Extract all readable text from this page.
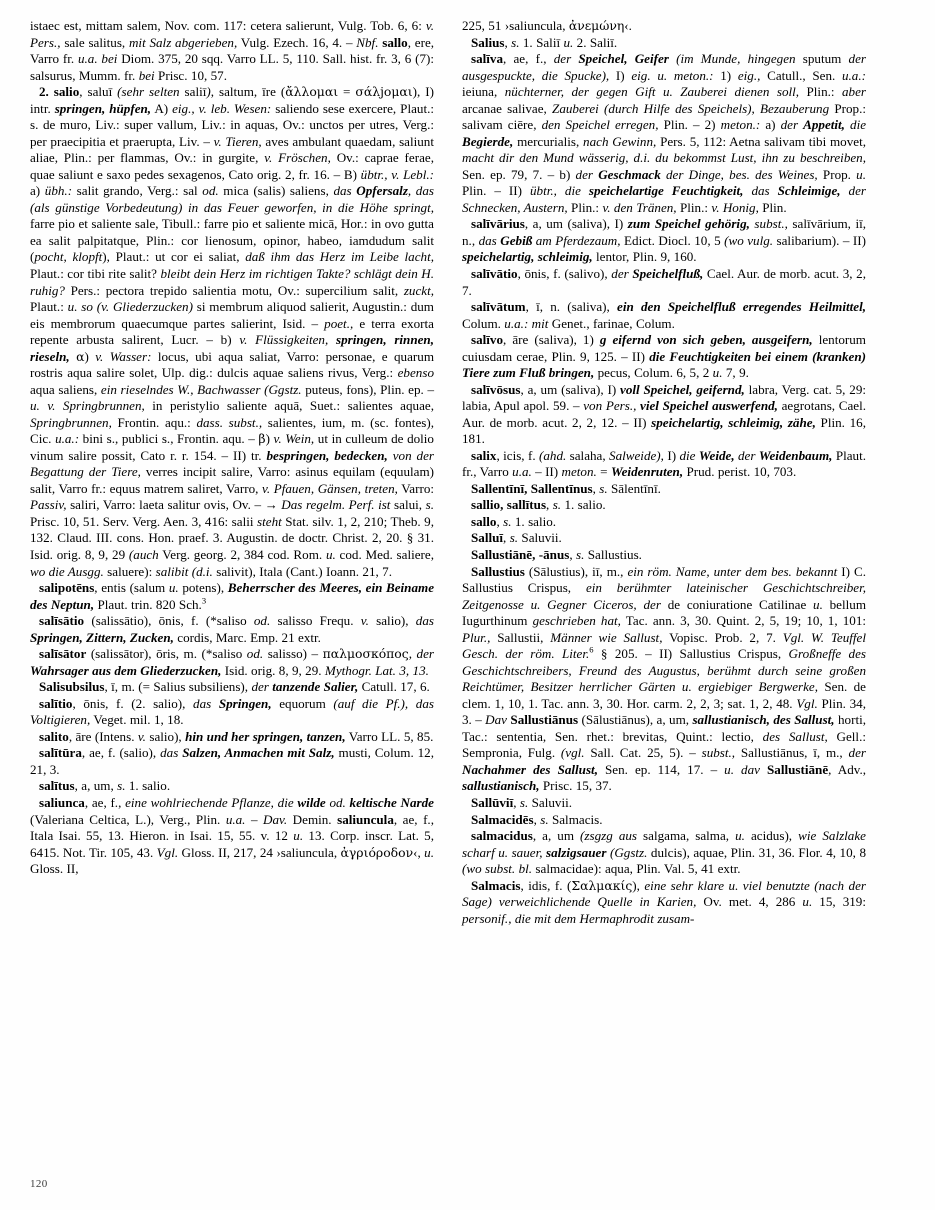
istaec est, mittam salem, Nov. com. 117: cetera salierunt, Vulg. Tob. 6, 6: v. Pers., sale salitus, mit Salz abgerieben, Vulg. Ezech. 16, 4. – Nbf. sallo, ere, Varro fr. u.a. bei Diom. 375, 20 sqq. Varro LL. 5, 110. Sall. hist. fr. 3, 6 (7): salsurus, Mumm. fr. bei Prisc. 10, 57.

2. salio, saluī (sehr selten saliī), saltum, īre (ἄλλομαι = σάλjομαι), I) intr. springen, hüpfen, A) eig., v. leb. Wesen: saliendo sese exercere, Plaut.: s. de muro, Liv.: super vallum, Liv.: in aquas, Ov.: unctos per utres, Verg.: per praecipitia et praerupta, Liv. – v. Tieren, aves ambulant quaedam, saliunt aliae, Plin.: per flammas, Ov.: in gurgite, v. Fröschen, Ov.: caprae ferae, quae saliunt e saxo pedes sexagenos, Cato orig. 2, fr. 16. – B) übtr., v. Lebl.: a) übh.: salit grando, Verg.: sal od. mica (salis) saliens, das Opfersalz, das (als günstige Vorbedeutung) in das Feuer geworfen, in die Höhe springt, farre pio et saliente sale, Tibull.: farre pio et saliente micā, Hor.: in ovo gutta ea salit palpitatque, Plin.: cor lienosum, opinor, habeo, iamdudum salit (pocht, klopft), Plaut.: ut cor ei saliat, daß ihm das Herz im Leibe lacht, Plaut.: cor tibi rite salit? bleibt dein Herz im richtigen Takte? schlägt dein H. ruhig? Pers.: pectora trepido salientia motu, Ov.: supercilium salit, zuckt, Plaut.: u. so (v. Gliederzucken) si membrum aliquod salierit, Augustin.: dum eis membrorum quaecumque partes salierint, Isid. – poet., e terra exorta repente arbusta salirent, Lucr. – b) v. Flüssigkeiten, springen, rinnen, rieseln, α) v. Wasser: locus, ubi aqua saliat, Varro: personae, e quarum rostris aqua salire solet, Ulp. dig.: dulcis aquae saliens rivus, Verg.: ebenso aqua saliens, ein rieselndes W., Bachwasser (Ggstz. puteus, fons), Plin. ep. – u. v. Springbrunnen, in peristylio saliente aquā, Suet.: salientes aquae, Springbrunnen, Frontin. aqu.: dass. subst., salientes, ium, m. (sc. fontes), Cic. u.a.: bini s., publici s., Frontin. aqu. – β) v. Wein, ut in culleum de dolio vinum salire possit, Cato r. r. 154. – II) tr. bespringen, bedecken, von der Begattung der Tiere, verres incipit salire, Varro: asinus equilam (equulam) salit, Varro fr.: equus matrem saliret, Varro, v. Pfauen, Gänsen, treten, Varro: Passiv, saliri, Varro: laeta salitur ovis, Ov. – → Das regelm. Perf. ist salui, s. Prisc. 10, 51. Serv. Verg. Aen. 3, 416: salii steht Stat. silv. 1, 2, 210; Theb. 9, 132. Claud. III. cons. Hon. praef. 3. Augustin. de doctr. Christ. 2, 20. § 31. Isid. orig. 8, 9, 29 (auch Verg. georg. 2, 384 cod. Rom. u. cod. Med. saliere, wo die Ausgg. saluere): salibit (d.i. salivit), Itala (Cant.) Ioann. 21, 7.

salipotēns, entis (salum u. potens), Beherrscher des Meeres, ein Beiname des Neptun, Plaut. trin. 820 Sch.$^3$

salīsātio (salissātio), ōnis, f. (*saliso od. salisso Frequ. v. salio), das Springen, Zittern, Zucken, cordis, Marc. Emp. 21 extr.

salīsātor (salissātor), ōris, m. (*saliso od. salisso) – παλμοσκόπος, der Wahrsager aus dem Gliederzucken, Isid. orig. 8, 9, 29. Mythogr. Lat. 3, 13.

Salisubsilus, ī, m. (= Salius subsiliens), der tanzende Salier, Catull. 17, 6.

salītio, ōnis, f. (2. salio), das Springen, equorum (auf die Pf.), das Voltigieren, Veget. mil. 1, 18.

salito, āre (Intens. v. salio), hin und her springen, tanzen, Varro LL. 5, 85.

salītūra, ae, f. (salio), das Salzen, Anmachen mit Salz, musti, Colum. 12, 21, 3.

salītus, a, um, s. 1. salio.

saliunca, ae, f., eine wohlriechende Pflanze, die wilde od. keltische Narde (Valeriana Celtica, L.), Verg., Plin. u.a. – Dav. Demin. saliuncula, ae, f., Itala Isai. 55, 13. Hieron. in Isai. 15, 55. v. 12 u. 13. Corp. inscr. Lat. 5, 6415. Not. Tir. 105, 43. Vgl. Gloss. II, 217, 24 ›saliuncula, ἀγριόροδον‹, u. Gloss. II,

225, 51 ›saliuncula, ἀνεμώνη‹.

Salius, s. 1. Saliī u. 2. Saliī.

salīva, ae, f., der Speichel, Geifer (im Munde, hingegen sputum der ausgespuckte, die Spucke), I) eig. u. meton.: 1) eig., Catull., Sen. u.a.: ieiuna, nüchterner, der gegen Gift u. Zauberei dienen soll, Plin.: aber arcanae salivae, Zauberei (durch Hilfe des Speichels), Bezauberung Prop.: salivam ciēre, den Speichel erregen, Plin. – 2) meton.: a) der Appetit, die Begierde, mercurialis, nach Gewinn, Pers. 5, 112: Aetna salivam tibi movet, macht dir den Mund wässerig, d.i. du bekommst Lust, ihn zu beschreiben, Sen. ep. 79, 7. – b) der Geschmack der Dinge, bes. des Weines, Prop. u. Plin. – II) übtr., die speichelartige Feuchtigkeit, das Schleimige, der Schnecken, Austern, Plin.: v. den Tränen, Plin.: v. Honig, Plin.

salīvārius, a, um (saliva), I) zum Speichel gehörig, subst., salīvārium, iī, n., das Gebiß am Pferdezaum, Edict. Diocl. 10, 5 (wo vulg. salibarium). – II) speichelartig, schleimig, lentor, Plin. 9, 160.

salīvātio, ōnis, f. (salivo), der Speichelfluß, Cael. Aur. de morb. acut. 3, 2, 7.

salīvātum, ī, n. (saliva), ein den Speichelfluß erregendes Heilmittel, Colum. u.a.: mit Genet., farinae, Colum.

salīvo, āre (saliva), 1) g eifernd von sich geben, ausgeifern, lentorum cuiusdam cerae, Plin. 9, 125. – II) die Feuchtigkeiten bei einem (kranken) Tiere zum Fluß bringen, pecus, Colum. 6, 5, 2 u. 7, 9.

salīvōsus, a, um (saliva), I) voll Speichel, geifernd, labra, Verg. cat. 5, 29: labia, Apul apol. 59. – von Pers., viel Speichel auswerfend, aegrotans, Cael. Aur. de morb. acut. 2, 2, 12. – II) speichelartig, schleimig, zähe, Plin. 16, 181.

salix, icis, f. (ahd. salaha, Salweide), I) die Weide, der Weidenbaum, Plaut. fr., Varro u.a. – II) meton. = Weidenruten, Prud. perist. 10, 703.

Sallentīnī, Sallentīnus, s. Sālentīnī.

sallio, sallītus, s. 1. salio.

sallo, s. 1. salio.

Salluī, s. Saluvii.

Sallustiānē, -ānus, s. Sallustius.

Sallustius (Sālustius), iī, m., ein röm. Name, unter dem bes. bekannt I) C. Sallustius Crispus, ein berühmter lateinischer Geschichtschreiber, Zeitgenosse u. Gegner Ciceros, der de coniuratione Catilinae u. bellum Iugurthinum geschrieben hat, Tac. ann. 3, 30. Quint. 2, 5, 19; 10, 1, 101: Plur., Sallustii, Männer wie Sallust, Vopisc. Prob. 2, 7. Vgl. W. Teuffel Gesch. der röm. Liter.$^6$ § 205. – II) Sallustius Crispus, Großneffe des Geschichtschreibers, Freund des Augustus, berühmt durch seine großen Reichtümer, Besitzer herrlicher Gärten u. ergiebiger Bergwerke, Sen. de clem. 1, 10, 1. Tac. ann. 3, 30. Hor. carm. 2, 2, 3; sat. 1, 2, 48. Vgl. Plin. 34, 3. – Dav Sallustiānus (Sālustiānus), a, um, sallustianisch, des Sallust, horti, Tac.: sententia, Sen. rhet.: brevitas, Quint.: lectio, des Sallust, Gell.: Sempronia, Fulg. (vgl. Sall. Cat. 25, 5). – subst., Sallustiānus, ī, m., der Nachahmer des Sallust, Sen. ep. 114, 17. – u. dav Sallustiānē, Adv., sallustianisch, Prisc. 15, 37.

Sallūviī, s. Saluvii.

Salmacidēs, s. Salmacis.

salmacidus, a, um (zsgzg aus salgama, salma, u. acidus), wie Salzlake scharf u. sauer, salzigsauer (Ggstz. dulcis), aquae, Plin. 31, 36. Flor. 4, 10, 8 (wo subst. bl. salmacidae): aqua, Plin. Val. 5, 41 extr.

Salmacis, idis, f. (Σαλμακίς), eine sehr klare u. viel benutzte (nach der Sage) verweichlichende Quelle in Karien, Ov. met. 4, 286 u. 15, 319: personif., die mit dem Hermaphrodit zusam-

120
